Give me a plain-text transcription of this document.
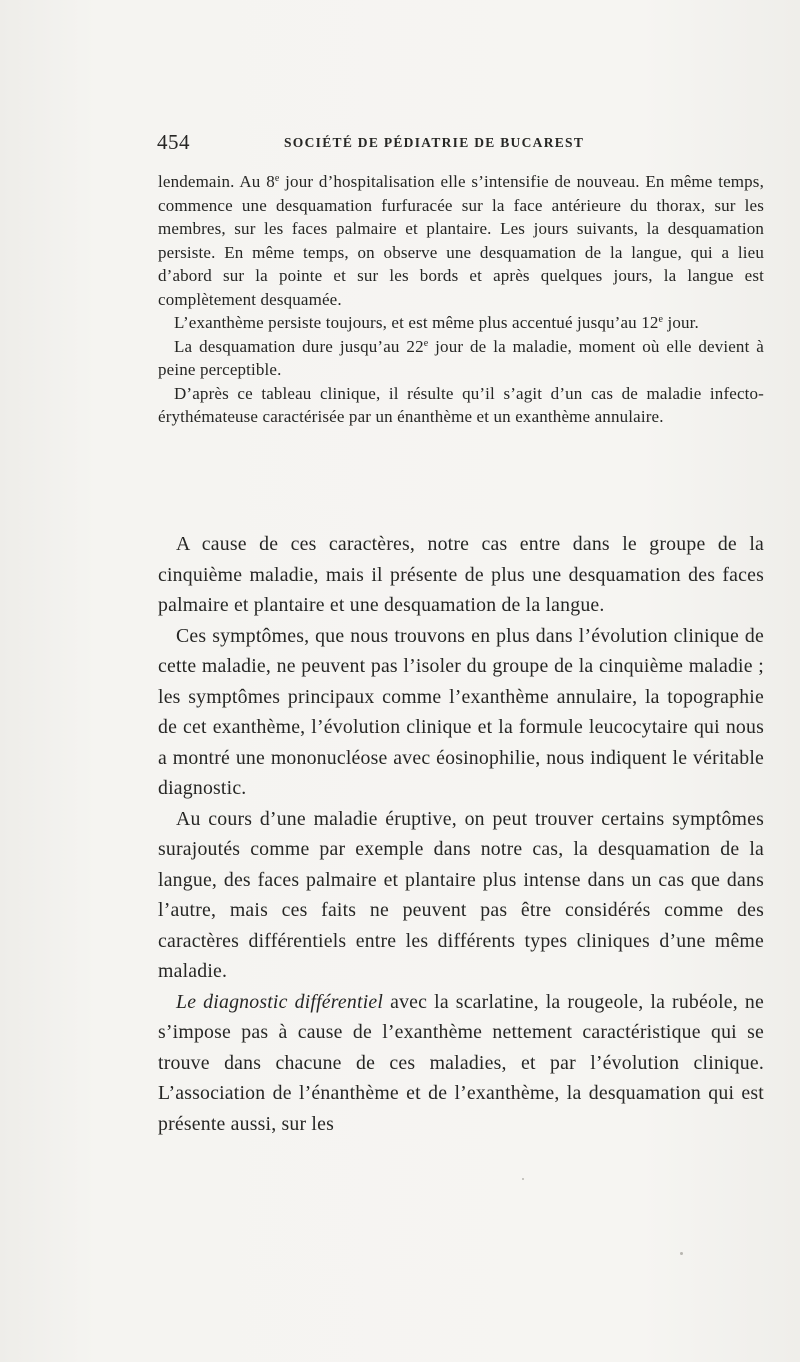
454	SOCIÉTÉ DE PÉDIATRIE DE BUCAREST

lendemain. Au 8e jour d’hospitalisation elle s’intensifie de nouveau. En même temps, commence une desquamation furfuracée sur la face antérieure du thorax, sur les membres, sur les faces palmaire et plantaire. Les jours suivants, la desquamation persiste. En même temps, on observe une desquamation de la langue, qui a lieu d’abord sur la pointe et sur les bords et après quelques jours, la langue est complètement desquamée.

L’exanthème persiste toujours, et est même plus accentué jusqu’au 12e jour.

La desquamation dure jusqu’au 22e jour de la maladie, moment où elle devient à peine perceptible.

D’après ce tableau clinique, il résulte qu’il s’agit d’un cas de maladie infecto-érythémateuse caractérisée par un énanthème et un exanthème annulaire.

A cause de ces caractères, notre cas entre dans le groupe de la cinquième maladie, mais il présente de plus une desquamation des faces palmaire et plantaire et une desquamation de la langue.

Ces symptômes, que nous trouvons en plus dans l’évolution clinique de cette maladie, ne peuvent pas l’isoler du groupe de la cinquième maladie ; les symptômes principaux comme l’exanthème annulaire, la topographie de cet exanthème, l’évolution clinique et la formule leucocytaire qui nous a montré une mononucléose avec éosinophilie, nous indiquent le véritable diagnostic.

Au cours d’une maladie éruptive, on peut trouver certains symptômes surajoutés comme par exemple dans notre cas, la desquamation de la langue, des faces palmaire et plantaire plus intense dans un cas que dans l’autre, mais ces faits ne peuvent pas être considérés comme des caractères différentiels entre les différents types cliniques d’une même maladie.

Le diagnostic différentiel avec la scarlatine, la rougeole, la rubéole, ne s’impose pas à cause de l’exanthème nettement caractéristique qui se trouve dans chacune de ces maladies, et par l’évolution clinique. L’association de l’énanthème et de l’exanthème, la desquamation qui est présente aussi, sur les
